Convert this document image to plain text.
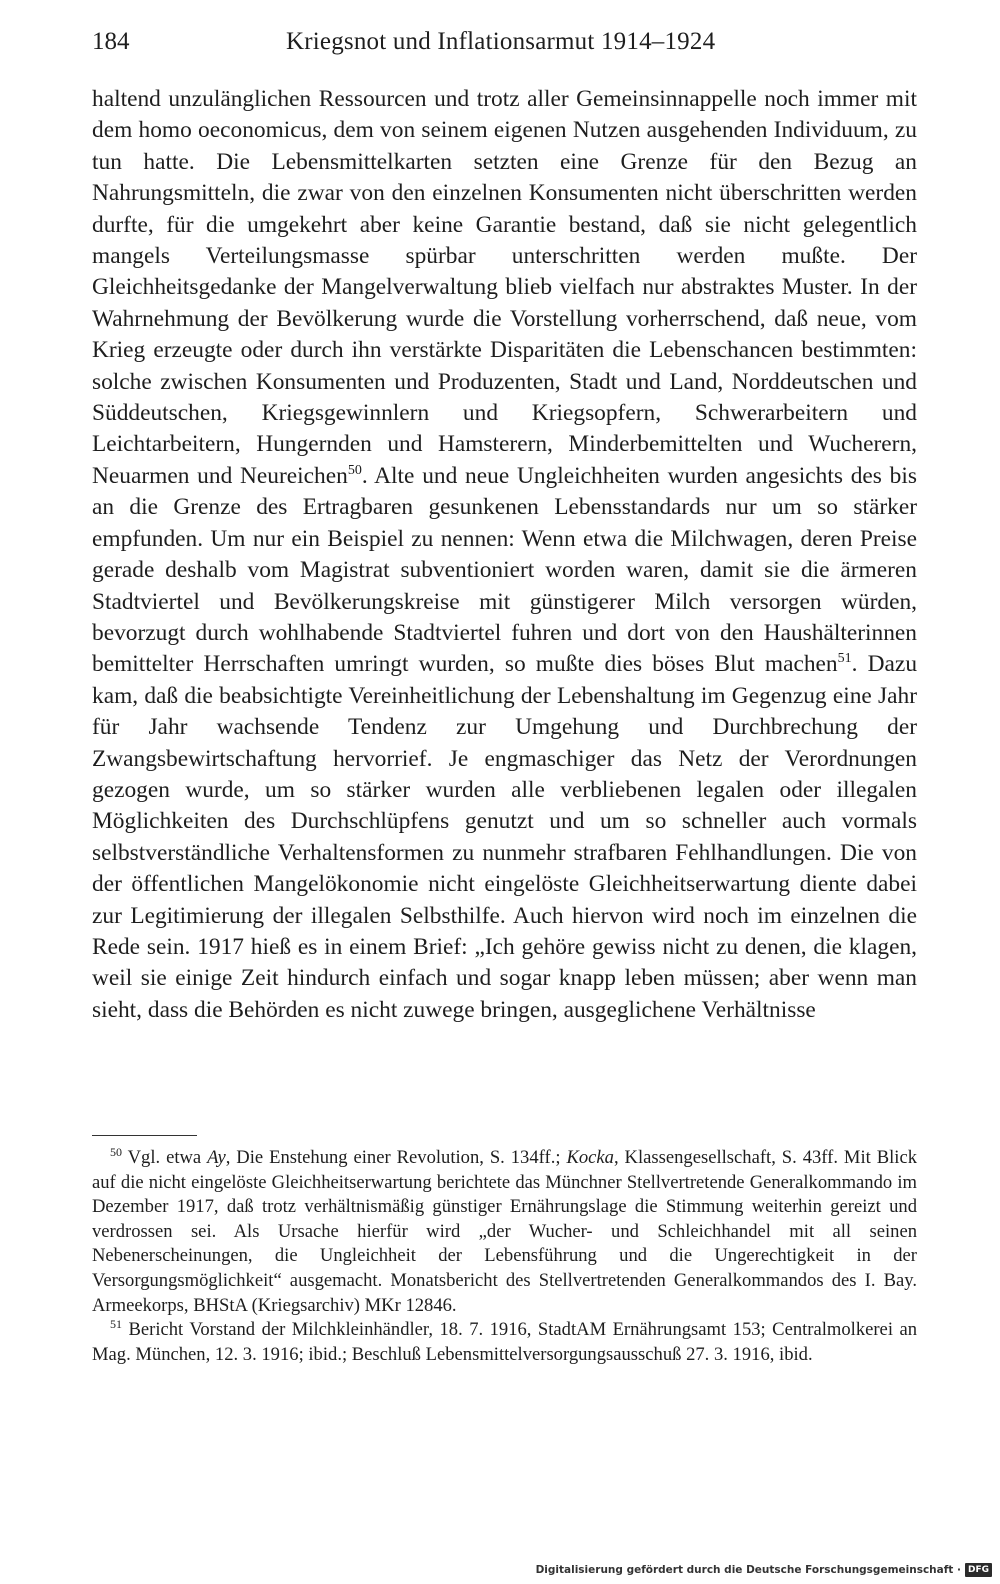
184	Kriegsnot und Inflationsarmut 1914–1924

haltend unzulänglichen Ressourcen und trotz aller Gemeinsinnappelle noch immer mit dem homo oeconomicus, dem von seinem eigenen Nutzen ausgehenden Individuum, zu tun hatte. Die Lebensmittelkarten setzten eine Grenze für den Bezug an Nahrungsmitteln, die zwar von den einzelnen Konsumenten nicht überschritten werden durfte, für die umgekehrt aber keine Garantie bestand, daß sie nicht gelegentlich mangels Verteilungsmasse spürbar unterschritten werden mußte. Der Gleichheitsgedanke der Mangelverwaltung blieb vielfach nur abstraktes Muster. In der Wahrnehmung der Bevölkerung wurde die Vorstellung vorherrschend, daß neue, vom Krieg erzeugte oder durch ihn verstärkte Disparitäten die Lebenschancen bestimmten: solche zwischen Konsumenten und Produzenten, Stadt und Land, Norddeutschen und Süddeutschen, Kriegsgewinnlern und Kriegsopfern, Schwerarbeitern und Leichtarbeitern, Hungernden und Hamsterern, Minderbemittelten und Wucherern, Neuarmen und Neureichen$^{50}$. Alte und neue Ungleichheiten wurden angesichts des bis an die Grenze des Ertragbaren gesunkenen Lebensstandards nur um so stärker empfunden. Um nur ein Beispiel zu nennen: Wenn etwa die Milchwagen, deren Preise gerade deshalb vom Magistrat subventioniert worden waren, damit sie die ärmeren Stadtviertel und Bevölkerungskreise mit günstigerer Milch versorgen würden, bevorzugt durch wohlhabende Stadtviertel fuhren und dort von den Haushälterinnen bemittelter Herrschaften umringt wurden, so mußte dies böses Blut machen$^{51}$. Dazu kam, daß die beabsichtigte Vereinheitlichung der Lebenshaltung im Gegenzug eine Jahr für Jahr wachsende Tendenz zur Umgehung und Durchbrechung der Zwangsbewirtschaftung hervorrief. Je engmaschiger das Netz der Verordnungen gezogen wurde, um so stärker wurden alle verbliebenen legalen oder illegalen Möglichkeiten des Durchschlüpfens genutzt und um so schneller auch vormals selbstverständliche Verhaltensformen zu nunmehr strafbaren Fehlhandlungen. Die von der öffentlichen Mangelökonomie nicht eingelöste Gleichheitserwartung diente dabei zur Legitimierung der illegalen Selbsthilfe. Auch hiervon wird noch im einzelnen die Rede sein. 1917 hieß es in einem Brief: „Ich gehöre gewiss nicht zu denen, die klagen, weil sie einige Zeit hindurch einfach und sogar knapp leben müssen; aber wenn man sieht, dass die Behörden es nicht zuwege bringen, ausgeglichene Verhältnisse

$^{50}$ Vgl. etwa Ay, Die Enstehung einer Revolution, S. 134ff.; Kocka, Klassengesellschaft, S. 43ff. Mit Blick auf die nicht eingelöste Gleichheitserwartung berichtete das Münchner Stellvertretende Generalkommando im Dezember 1917, daß trotz verhältnismäßig günstiger Ernährungslage die Stimmung weiterhin gereizt und verdrossen sei. Als Ursache hierfür wird „der Wucher- und Schleichhandel mit all seinen Nebenerscheinungen, die Ungleichheit der Lebensführung und die Ungerechtigkeit in der Versorgungsmöglichkeit“ ausgemacht. Monatsbericht des Stellvertretenden Generalkommandos des I. Bay. Armeekorps, BHStA (Kriegsarchiv) MKr 12846.

$^{51}$ Bericht Vorstand der Milchkleinhändler, 18. 7. 1916, StadtAM Ernährungsamt 153; Centralmolkerei an Mag. München, 12. 3. 1916; ibid.; Beschluß Lebensmittelversorgungsausschuß 27. 3. 1916, ibid.

Digitalisierung gefördert durch die Deutsche Forschungsgemeinschaft · DFG
